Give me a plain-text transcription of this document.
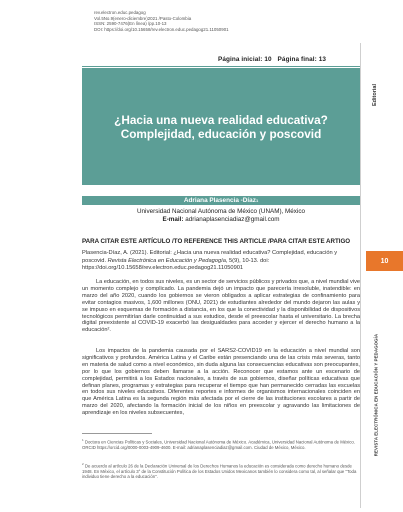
rev.electron.educ.pedagog
Vol.5No.9(enero-diciembre)2021 /Pasto-Colombia
ISSN: 2590-7476(En línea) /pp.10-13
DOI: https://doi.org/10.15658/rev.electron.educ.pedagog21.11050901
Página inicial: 10 Página final: 13
Editorial
10
REVISTA ELECTRÓNICA EN EDUCACIÓN Y PEDAGOGÍA
¿Hacia una nueva realidad educativa?
Complejidad, educación y poscovid
Adriana Plasencia -Díaz 1
Universidad Nacional Autónoma de México (UNAM), México
E-mail: adrianaplasenciadiaz@gmail.com
PARA CITAR ESTE ARTÍCULO /TO REFERENCE THIS ARTICLE /PARA CITAR ESTE ARTIGO
Plasencia-Díaz, A. (2021). Editorial: ¿Hacia una nueva realidad educativa? Complejidad, educación y poscovid. Revista Electrónica en Educación y Pedagogía, 5(9), 10-13. doi: https://doi.org/10.15658/rev.electron.educ.pedagog21.11050901
La educación, en todos sus niveles, es un sector de servicios públicos y privados que, a nivel mundial vive un momento complejo y complicado. La pandemia dejó un impacto que parecería irresoluble, inatendible: en marzo del año 2020, cuando los gobiernos se vieron obligados a aplicar estrategias de confinamiento para evitar contagios masivos, 1,600 millones (ONU, 2021) de estudiantes alrededor del mundo dejaron las aulas y se impuso en esquemas de formación a distancia, en los que la conectividad y la disponibilidad de dispositivos tecnológicos permitirían darle continuidad a sus estudios, desde el preescolar hasta el universitario. La brecha digital preexistente al COVID-19 exacerbó las desigualdades para acceder y ejercer el derecho humano a la educación².
Los impactos de la pandemia causada por el SARS2-COVID19 en la educación a nivel mundial son significativos y profundos. América Latina y el Caribe están presenciando una de las crisis más severas, tanto en materia de salud como a nivel económico, sin duda alguna las consecuencias educativas son preocupantes, por lo que los gobiernos deben llamarse a la acción. Reconocer que estamos ante un escenario de complejidad, permitirá a los Estados nacionales, a través de sus gobiernos, diseñar políticas educativas que definan planes, programas y estrategias para recuperar el tiempo que han permanecido cerradas las escuelas en todos sus niveles educativos. Diferentes reportes e informes de organismos internacionales coinciden en que América Latina es la segunda región más afectada por el cierre de las instituciones escolares a partir de marzo del 2020, afectando la formación inicial de los niños en preescolar y agravando las limitaciones de aprendizaje en los niveles subsecuentes,
$^1$ Doctora en Ciencias Políticas y Sociales, Universidad Nacional Autónoma de México. Académica, Universidad Nacional Autónoma de México. ORCID https://orcid.org/0000-0003-4909-4600. E-mail: adrianaplasenciadiaz@gmail.com. Ciudad de México, México.
$^2$ De acuerdo al artículo 26 de la Declaración Universal de los Derechos Humanos la educación es considerada como derecho humano desde 1948. En México, el artículo 3° de la Constitución Política de los Estados Unidos Mexicanos también lo considera como tal, al señalar que "Toda individuo tiene derecho a la educación".
